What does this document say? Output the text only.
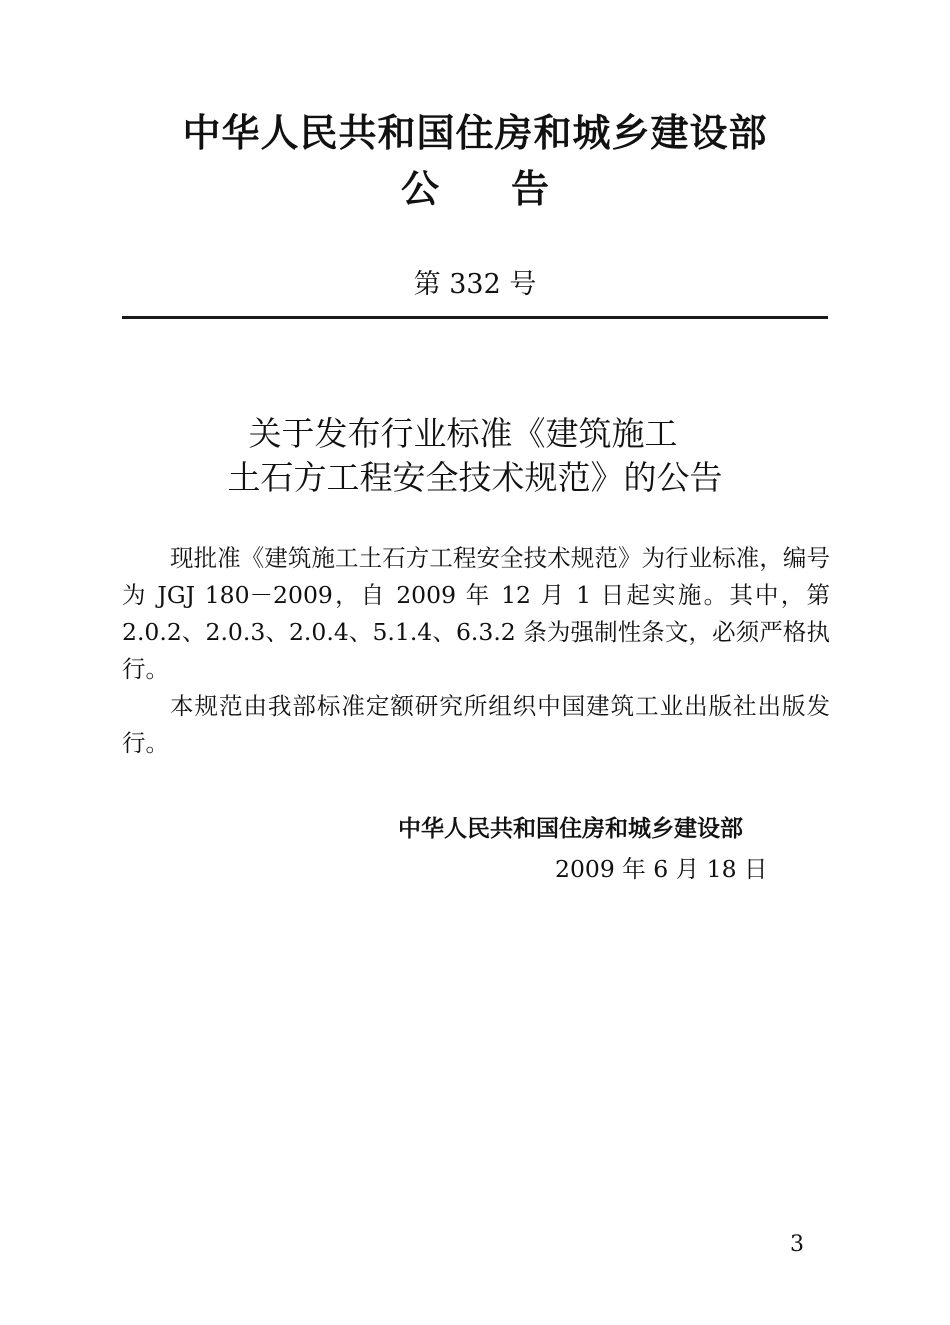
中华人民共和国住房和城乡建设部
公 告
第 332 号
关于发布行业标准《建筑施工
土石方工程安全技术规范》的公告

现批准《建筑施工土石方工程安全技术规范》为行业标准，编号为 JGJ 180－2009，自 2009 年 12 月 1 日起实施。其中，第 2.0.2、2.0.3、2.0.4、5.1.4、6.3.2 条为强制性条文，必须严格执行。

本规范由我部标准定额研究所组织中国建筑工业出版社出版发行。

中华人民共和国住房和城乡建设部
2009 年 6 月 18 日
3
